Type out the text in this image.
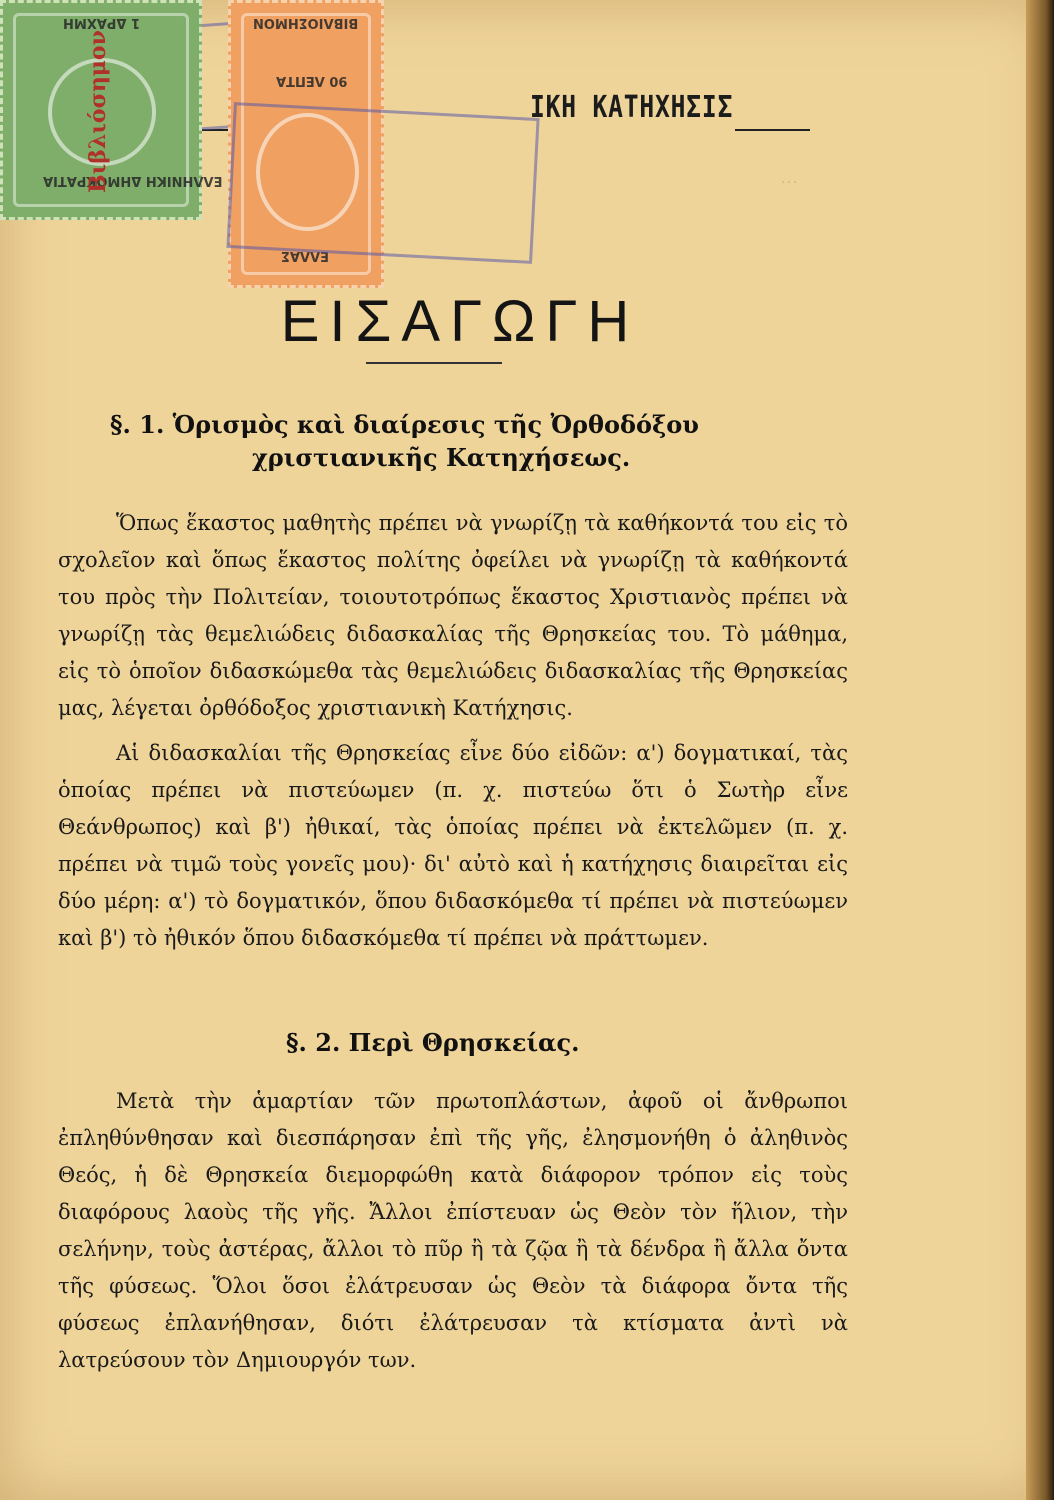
…
ΙΚΗ ΚΑΤΗΧΗΣΙΣ
ΕΛΛΗΝΙΚΗ ΔΗΜΟΚΡΑΤΙΑ
1 ΔΡΑΧΜΗ
Βιβλιόσημον
ΒΙΒΛΙΟΣΗΜΟΝ
90 ΛΕΠΤΑ
ΕΛΛΑΣ
ΕΙΣΑΓΩΓΗ
§. 1. Ὁρισμὸς καὶ διαίρεσις τῆς Ὀρθοδόξου
χριστιανικῆς Κατηχήσεως.
Ὅπως ἕκαστος μαθητὴς πρέπει νὰ γνωρίζῃ τὰ καθήκοντά του εἰς τὸ σχολεῖον καὶ ὅπως ἕκαστος πολίτης ὀφείλει νὰ γνωρίζῃ τὰ καθήκοντά του πρὸς τὴν Πολιτείαν, τοιουτοτρόπως ἕκαστος Χριστιανὸς πρέπει νὰ γνωρίζῃ τὰς θεμελιώδεις διδασκαλίας τῆς Θρησκείας του. Τὸ μάθημα, εἰς τὸ ὁποῖον διδασκώμεθα τὰς θεμελιώδεις διδασκαλίας τῆς Θρησκείας μας, λέγεται ὀρθόδοξος χριστιανικὴ Κατήχησις.
Αἱ διδασκαλίαι τῆς Θρησκείας εἶνε δύο εἰδῶν: α') δογματικαί, τὰς ὁποίας πρέπει νὰ πιστεύωμεν (π. χ. πιστεύω ὅτι ὁ Σωτὴρ εἶνε Θεάνθρωπος) καὶ β') ἠθικαί, τὰς ὁποίας πρέπει νὰ ἐκτελῶμεν (π. χ. πρέπει νὰ τιμῶ τοὺς γονεῖς μου)· δι' αὐτὸ καὶ ἡ κατήχησις διαιρεῖται εἰς δύο μέρη: α') τὸ δογματικόν, ὅπου διδασκόμεθα τί πρέπει νὰ πιστεύωμεν καὶ β') τὸ ἠθικόν ὅπου διδασκόμεθα τί πρέπει νὰ πράττωμεν.
§. 2. Περὶ Θρησκείας.
Μετὰ τὴν ἁμαρτίαν τῶν πρωτοπλάστων, ἀφοῦ οἱ ἄνθρωποι ἐπληθύνθησαν καὶ διεσπάρησαν ἐπὶ τῆς γῆς, ἐλησμονήθη ὁ ἀληθινὸς Θεός, ἡ δὲ Θρησκεία διεμορφώθη κατὰ διάφορον τρόπον εἰς τοὺς διαφόρους λαοὺς τῆς γῆς. Ἄλλοι ἐπίστευαν ὡς Θεὸν τὸν ἥλιον, τὴν σελήνην, τοὺς ἀστέρας, ἄλλοι τὸ πῦρ ἢ τὰ ζῷα ἢ τὰ δένδρα ἢ ἄλλα ὄντα τῆς φύσεως. Ὅλοι ὅσοι ἐλάτρευσαν ὡς Θεὸν τὰ διάφορα ὄντα τῆς φύσεως ἐπλανήθησαν, διότι ἐλάτρευσαν τὰ κτίσματα ἀντὶ νὰ λατρεύσουν τὸν Δημιουργόν των.
